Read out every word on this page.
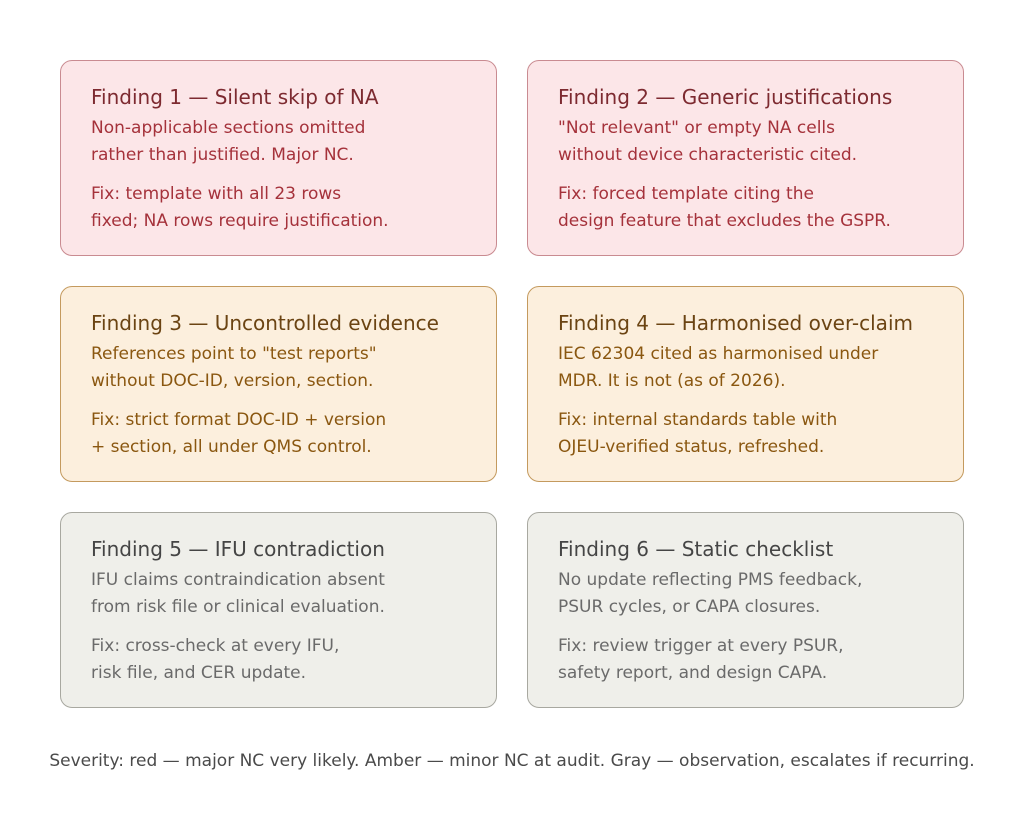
Finding 1 — Silent skip of NA

Non-applicable sections omitted
rather than justified. Major NC.

Fix: template with all 23 rows
fixed; NA rows require justification.

Finding 2 — Generic justifications

"Not relevant" or empty NA cells
without device characteristic cited.

Fix: forced template citing the
design feature that excludes the GSPR.

Finding 3 — Uncontrolled evidence

References point to "test reports"
without DOC-ID, version, section.

Fix: strict format DOC-ID + version
+ section, all under QMS control.

Finding 4 — Harmonised over-claim

IEC 62304 cited as harmonised under
MDR. It is not (as of 2026).

Fix: internal standards table with
OJEU-verified status, refreshed.

Finding 5 — IFU contradiction

IFU claims contraindication absent
from risk file or clinical evaluation.

Fix: cross-check at every IFU,
risk file, and CER update.

Finding 6 — Static checklist

No update reflecting PMS feedback,
PSUR cycles, or CAPA closures.

Fix: review trigger at every PSUR,
safety report, and design CAPA.

Severity: red — major NC very likely. Amber — minor NC at audit. Gray — observation, escalates if recurring.
